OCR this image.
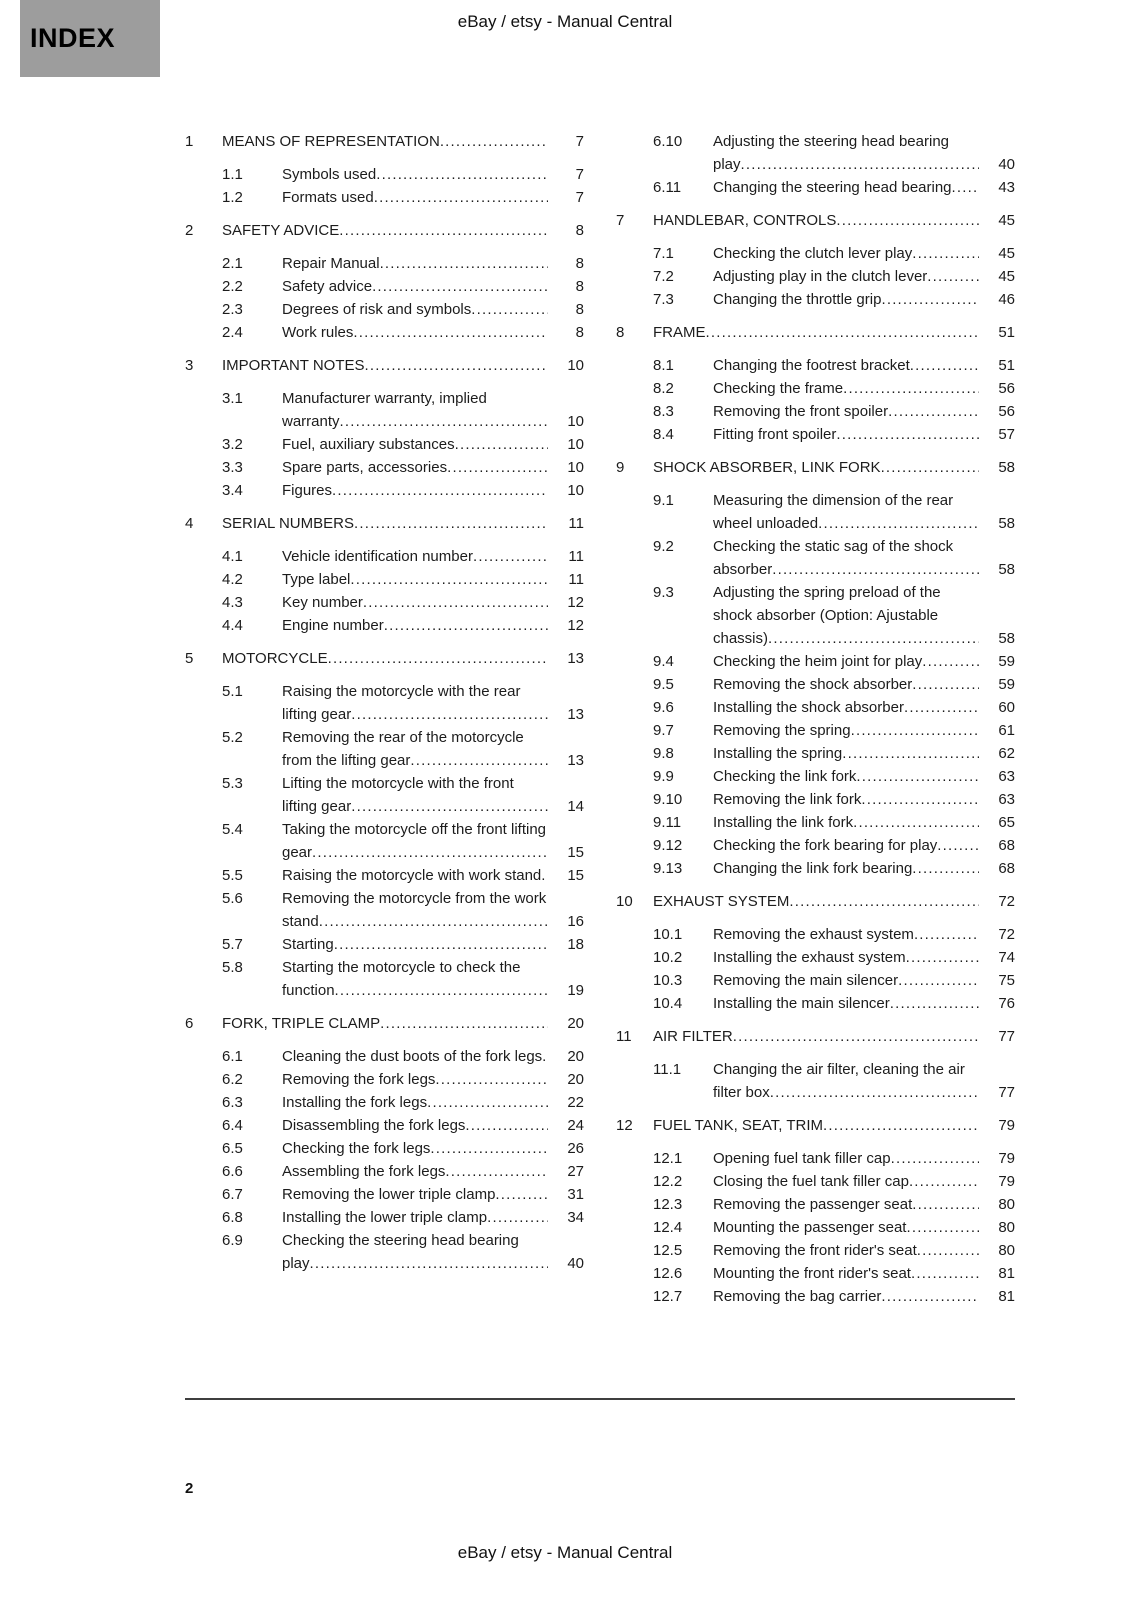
INDEX
eBay / etsy - Manual Central
1	MEANS OF REPRESENTATION .....	7
1.1	Symbols used .....	7
1.2	Formats used .....	7
2	SAFETY ADVICE .....	8
2.1	Repair Manual .....	8
2.2	Safety advice .....	8
2.3	Degrees of risk and symbols .....	8
2.4	Work rules .....	8
3	IMPORTANT NOTES .....	10
3.1	Manufacturer warranty, implied warranty .....	10
3.2	Fuel, auxiliary substances .....	10
3.3	Spare parts, accessories .....	10
3.4	Figures .....	10
4	SERIAL NUMBERS .....	11
4.1	Vehicle identification number .....	11
4.2	Type label .....	11
4.3	Key number .....	12
4.4	Engine number .....	12
5	MOTORCYCLE .....	13
5.1	Raising the motorcycle with the rear lifting gear .....	13
5.2	Removing the rear of the motorcycle from the lifting gear .....	13
5.3	Lifting the motorcycle with the front lifting gear .....	14
5.4	Taking the motorcycle off the front lifting gear .....	15
5.5	Raising the motorcycle with work stand .....	15
5.6	Removing the motorcycle from the work stand .....	16
5.7	Starting .....	18
5.8	Starting the motorcycle to check the function .....	19
6	FORK, TRIPLE CLAMP .....	20
6.1	Cleaning the dust boots of the fork legs .....	20
6.2	Removing the fork legs .....	20
6.3	Installing the fork legs .....	22
6.4	Disassembling the fork legs .....	24
6.5	Checking the fork legs .....	26
6.6	Assembling the fork legs .....	27
6.7	Removing the lower triple clamp .....	31
6.8	Installing the lower triple clamp .....	34
6.9	Checking the steering head bearing play .....	40
6.10	Adjusting the steering head bearing play .....	40
6.11	Changing the steering head bearing .....	43
7	HANDLEBAR, CONTROLS .....	45
7.1	Checking the clutch lever play .....	45
7.2	Adjusting play in the clutch lever .....	45
7.3	Changing the throttle grip .....	46
8	FRAME .....	51
8.1	Changing the footrest bracket .....	51
8.2	Checking the frame .....	56
8.3	Removing the front spoiler .....	56
8.4	Fitting front spoiler .....	57
9	SHOCK ABSORBER, LINK FORK .....	58
9.1	Measuring the dimension of the rear wheel unloaded .....	58
9.2	Checking the static sag of the shock absorber .....	58
9.3	Adjusting the spring preload of the shock absorber (Option: Ajustable chassis) .....	58
9.4	Checking the heim joint for play .....	59
9.5	Removing the shock absorber .....	59
9.6	Installing the shock absorber .....	60
9.7	Removing the spring .....	61
9.8	Installing the spring .....	62
9.9	Checking the link fork .....	63
9.10	Removing the link fork .....	63
9.11	Installing the link fork .....	65
9.12	Checking the fork bearing for play .....	68
9.13	Changing the link fork bearing .....	68
10	EXHAUST SYSTEM .....	72
10.1	Removing the exhaust system .....	72
10.2	Installing the exhaust system .....	74
10.3	Removing the main silencer .....	75
10.4	Installing the main silencer .....	76
11	AIR FILTER .....	77
11.1	Changing the air filter, cleaning the air filter box .....	77
12	FUEL TANK, SEAT, TRIM .....	79
12.1	Opening fuel tank filler cap .....	79
12.2	Closing the fuel tank filler cap .....	79
12.3	Removing the passenger seat .....	80
12.4	Mounting the passenger seat .....	80
12.5	Removing the front rider's seat .....	80
12.6	Mounting the front rider's seat .....	81
12.7	Removing the bag carrier .....	81
2
eBay / etsy - Manual Central
